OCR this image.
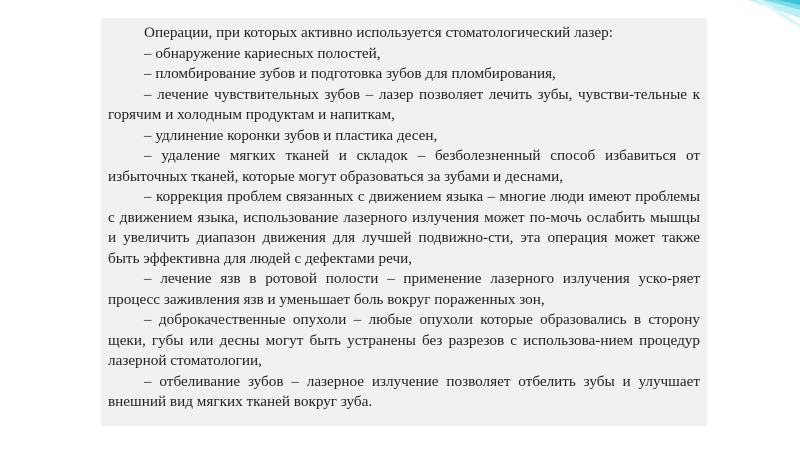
Операции, при которых активно используется стоматологический лазер:

– обнаружение кариесных полостей,

– пломбирование зубов и подготовка зубов для пломбирования,

– лечение чувствительных зубов – лазер позволяет лечить зубы, чувстви-тельные к горячим и холодным продуктам и напиткам,

– удлинение коронки зубов и пластика десен,

– удаление мягких тканей и складок – безболезненный способ избавиться от избыточных тканей, которые могут образоваться за зубами и деснами,

– коррекция проблем связанных с движением языка – многие люди имеют проблемы с движением языка, использование лазерного излучения может по-мочь ослабить мышцы и увеличить диапазон движения для лучшей подвижно-сти, эта операция может также быть эффективна для людей с дефектами речи,

– лечение язв в ротовой полости – применение лазерного излучения уско-ряет процесс заживления язв и уменьшает боль вокруг пораженных зон,

– доброкачественные опухоли – любые опухоли которые образовались в сторону щеки, губы или десны могут быть устранены без разрезов с использова-нием процедур лазерной стоматологии,

– отбеливание зубов – лазерное излучение позволяет отбелить зубы и улучшает внешний вид мягких тканей вокруг зуба.
